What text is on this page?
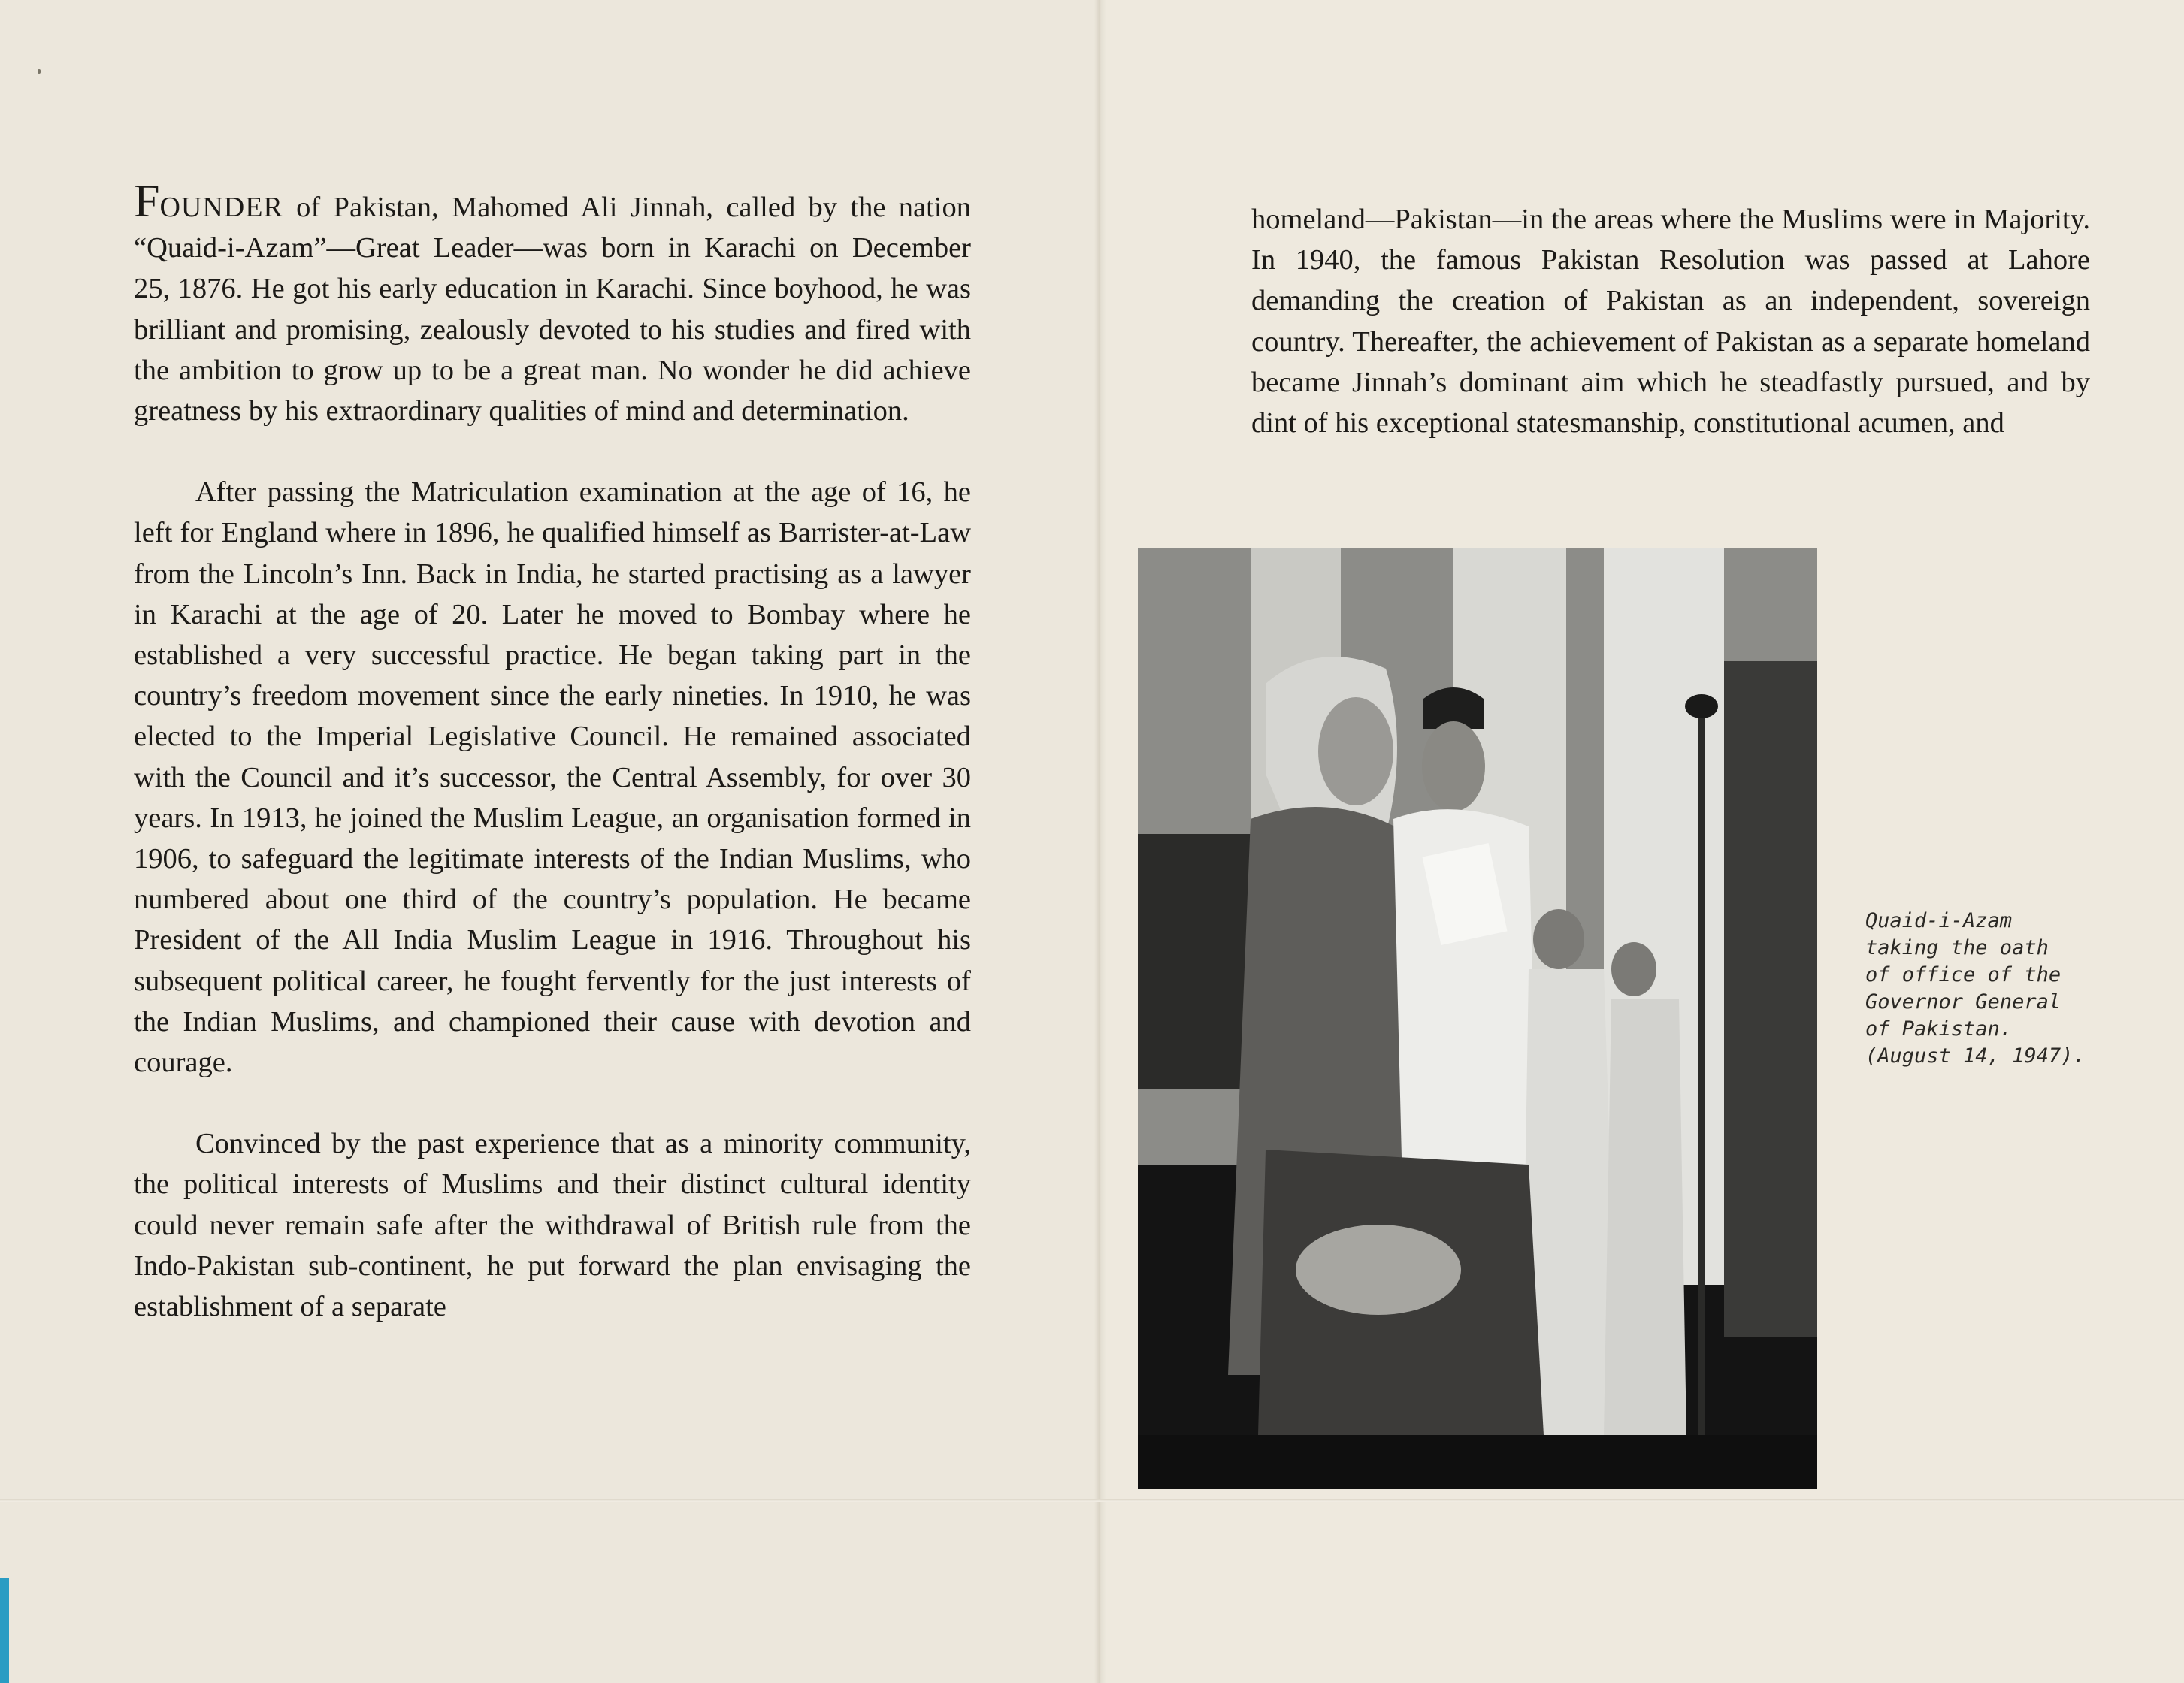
FOUNDER of Pakistan, Mahomed Ali Jinnah, called by the nation “Quaid-i-Azam”—Great Leader—was born in Karachi on December 25, 1876. He got his early education in Karachi. Since boyhood, he was brilliant and promising, zealously devoted to his studies and fired with the ambition to grow up to be a great man. No wonder he did achieve greatness by his extraordinary qualities of mind and determination.

After passing the Matriculation examination at the age of 16, he left for England where in 1896, he qualified himself as Barrister-at-Law from the Lincoln’s Inn. Back in India, he started practising as a lawyer in Karachi at the age of 20. Later he moved to Bombay where he established a very successful practice. He began taking part in the country’s freedom movement since the early nineties. In 1910, he was elected to the Imperial Legislative Council. He remained associated with the Council and it’s successor, the Central Assembly, for over 30 years. In 1913, he joined the Muslim League, an organisation formed in 1906, to safeguard the legitimate interests of the Indian Muslims, who numbered about one third of the country’s population. He became President of the All India Muslim League in 1916. Throughout his subsequent political career, he fought fervently for the just interests of the Indian Muslims, and championed their cause with devotion and courage.

Convinced by the past experience that as a minority community, the political interests of Muslims and their distinct cultural identity could never remain safe after the withdrawal of British rule from the Indo-Pakistan sub-continent, he put forward the plan envisaging the establishment of a separate

homeland—Pakistan—in the areas where the Muslims were in Majority. In 1940, the famous Pakistan Resolution was passed at Lahore demanding the creation of Pakistan as an independent, sovereign country. Thereafter, the achievement of Pakistan as a separate homeland became Jinnah’s dominant aim which he steadfastly pursued, and by dint of his exceptional statesmanship, constitutional acumen, and

Quaid-i-Azam
taking the oath
of office of the
Governor General
of Pakistan.
(August 14, 1947).
